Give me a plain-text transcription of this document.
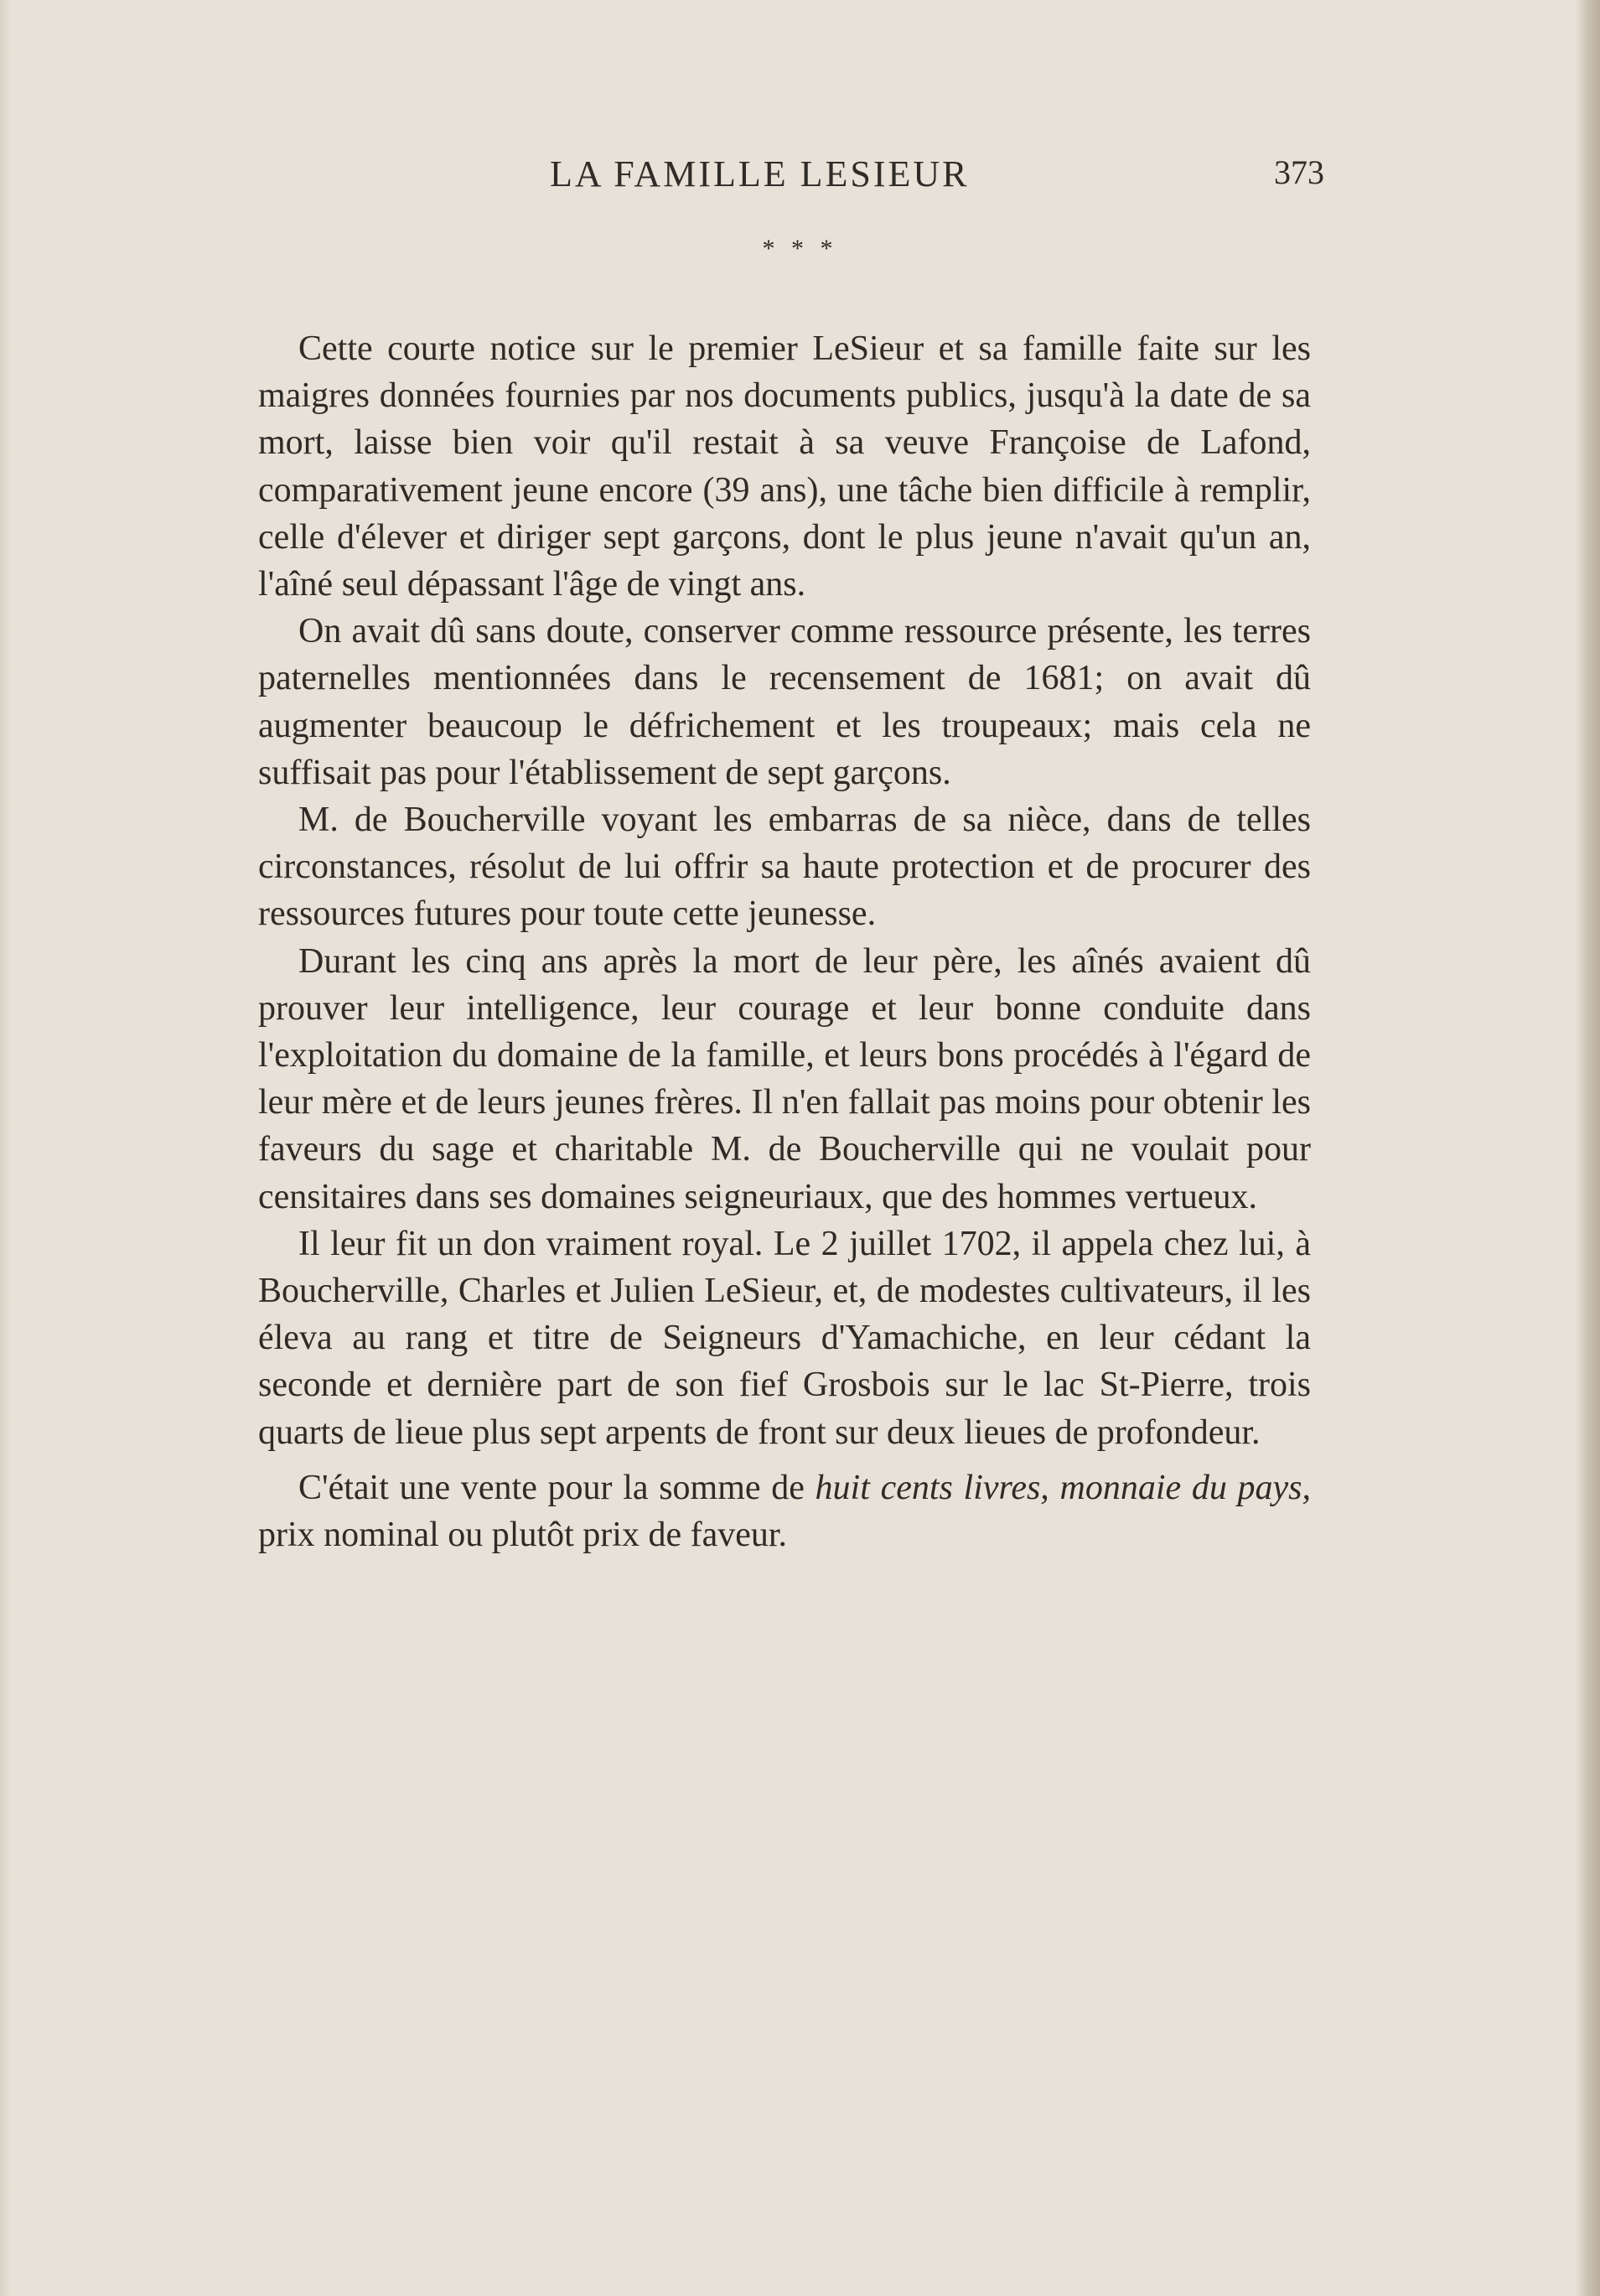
LA FAMILLE LESIEUR	373
* * *

Cette courte notice sur le premier LeSieur et sa famille faite sur les maigres données fournies par nos documents publics, jusqu'à la date de sa mort, laisse bien voir qu'il restait à sa veuve Françoise de Lafond, comparativement jeune encore (39 ans), une tâche bien difficile à remplir, celle d'élever et diriger sept garçons, dont le plus jeune n'avait qu'un an, l'aîné seul dépassant l'âge de vingt ans.

On avait dû sans doute, conserver comme ressource présente, les terres paternelles mentionnées dans le recensement de 1681; on avait dû augmenter beaucoup le défrichement et les troupeaux; mais cela ne suffisait pas pour l'établissement de sept garçons.

M. de Boucherville voyant les embarras de sa nièce, dans de telles circonstances, résolut de lui offrir sa haute protection et de procurer des ressources futures pour toute cette jeunesse.

Durant les cinq ans après la mort de leur père, les aînés avaient dû prouver leur intelligence, leur courage et leur bonne conduite dans l'exploitation du domaine de la famille, et leurs bons procédés à l'égard de leur mère et de leurs jeunes frères. Il n'en fallait pas moins pour obtenir les faveurs du sage et charitable M. de Boucherville qui ne voulait pour censitaires dans ses domaines seigneuriaux, que des hommes vertueux.

Il leur fit un don vraiment royal. Le 2 juillet 1702, il appela chez lui, à Boucherville, Charles et Julien LeSieur, et, de modestes cultivateurs, il les éleva au rang et titre de Seigneurs d'Yamachiche, en leur cédant la seconde et dernière part de son fief Grosbois sur le lac St-Pierre, trois quarts de lieue plus sept arpents de front sur deux lieues de profondeur.

C'était une vente pour la somme de huit cents livres, monnaie du pays, prix nominal ou plutôt prix de faveur.
